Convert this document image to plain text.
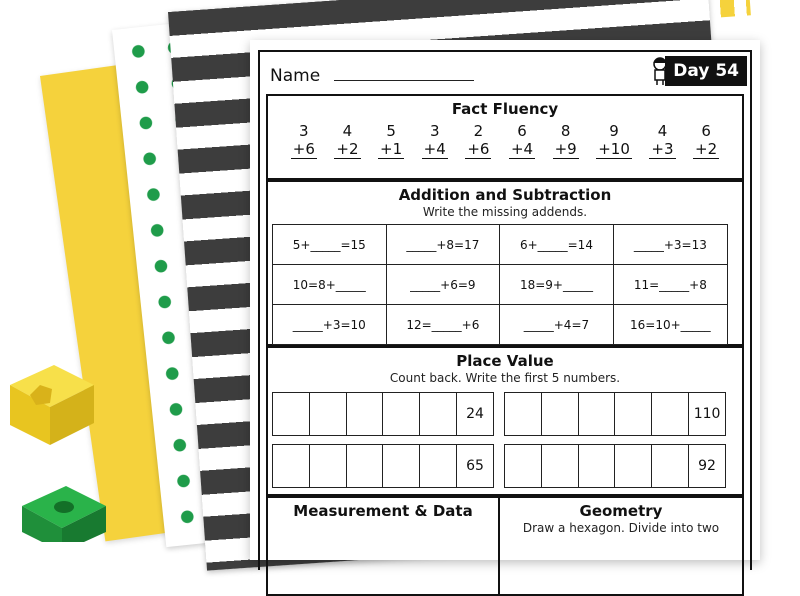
Name	Day 54
Fact Fluency
3
+6
4
+2
5
+1
3
+4
2
+6
6
+4
8
+9
9
+10
4
+3
6
+2
Addition and Subtraction
Write the missing addends.
5+_____=15	_____+8=17	6+_____=14	_____+3=13
10=8+_____	_____+6=9	18=9+_____	11=_____+8
_____+3=10	12=_____+6	_____+4=7	16=10+_____
Place Value
Count back. Write the first 5 numbers.
24	110
65	92
Measurement & Data	Geometry
Draw a hexagon. Divide into two
